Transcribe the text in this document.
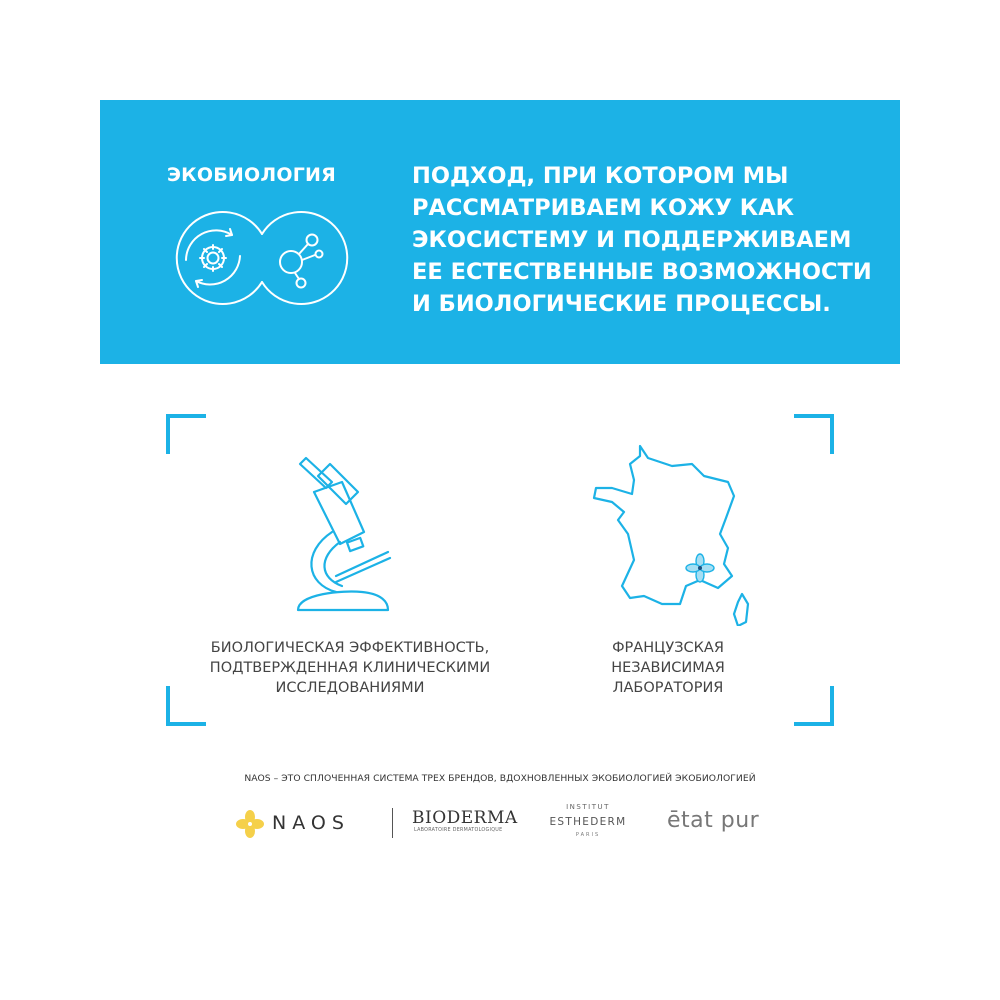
ЭКОБИОЛОГИЯ	ПОДХОД, ПРИ КОТОРОМ МЫ
РАССМАТРИВАЕМ КОЖУ КАК
ЭКОСИСТЕМУ И ПОДДЕРЖИВАЕМ
ЕЕ ЕСТЕСТВЕННЫЕ ВОЗМОЖНОСТИ
И БИОЛОГИЧЕСКИЕ ПРОЦЕССЫ.
БИОЛОГИЧЕСКАЯ ЭФФЕКТИВНОСТЬ,
ПОДТВЕРЖДЕННАЯ КЛИНИЧЕСКИМИ
ИССЛЕДОВАНИЯМИ
ФРАНЦУЗСКАЯ
НЕЗАВИСИМАЯ
ЛАБОРАТОРИЯ
NAOS – ЭТО СПЛОЧЕННАЯ СИСТЕМА ТРЕХ БРЕНДОВ, ВДОХНОВЛЕННЫХ ЭКОБИОЛОГИЕЙ ЭКОБИОЛОГИЕЙ
NAOS	BIODERMA
LABORATOIRE DERMATOLOGIQUE
INSTITUT
ESTHEDERM
PARIS
ētat pur
